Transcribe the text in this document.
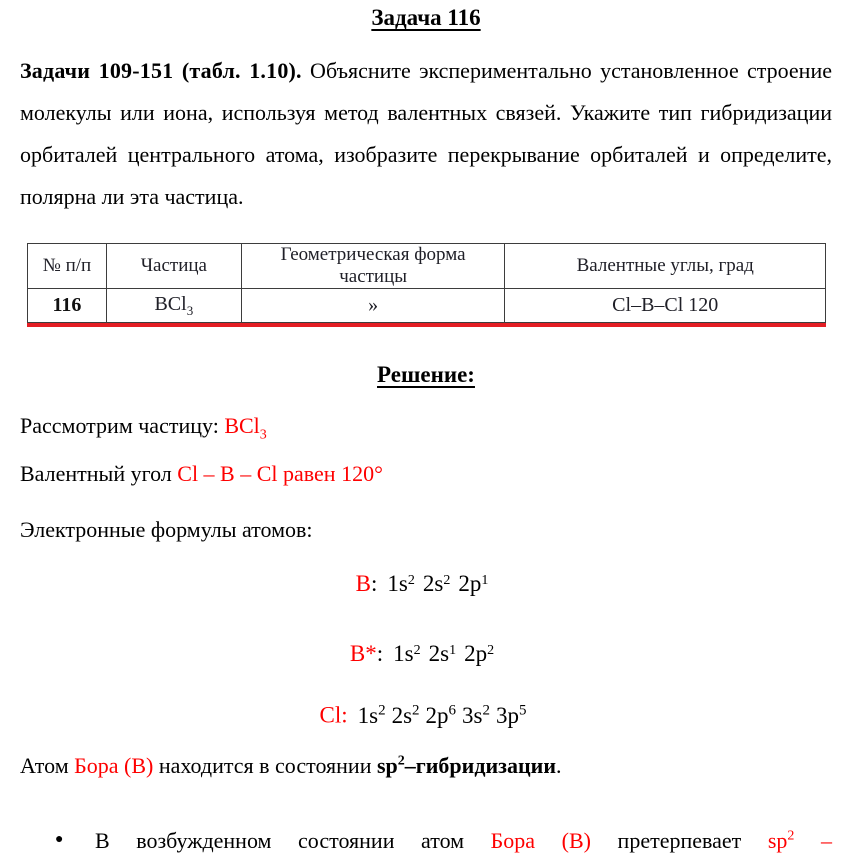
Задача 116

Задачи 109-151 (табл. 1.10). Объясните экспериментально установленное строение молекулы или иона, используя метод валентных связей. Укажите тип гибридизации орбиталей центрального атома, изобразите перекрывание орбиталей и определите, полярна ли эта частица.

№ п/п	Частица	Геометрическая форма частицы	Валентные углы, град
116	BCl$_3$	»	Cl–B–Cl 120
Решение:

Рассмотрим частицу: BCl$_3$

Валентный угол Cl – B – Cl равен 120°

Электронные формулы атомов:

B: $1s^2$ $2s^2$ $2p^1$
B*: $1s^2$ $2s^1$ $2p^2$
Cl: $1s^2$ $2s^2$ $2p^6$ $3s^2$ $3p^5$

Атом Бора (B) находится в состоянии $sp^2$–гибридизации.

● В возбужденном состоянии атом Бора (B) претерпевает $sp^2$ –
